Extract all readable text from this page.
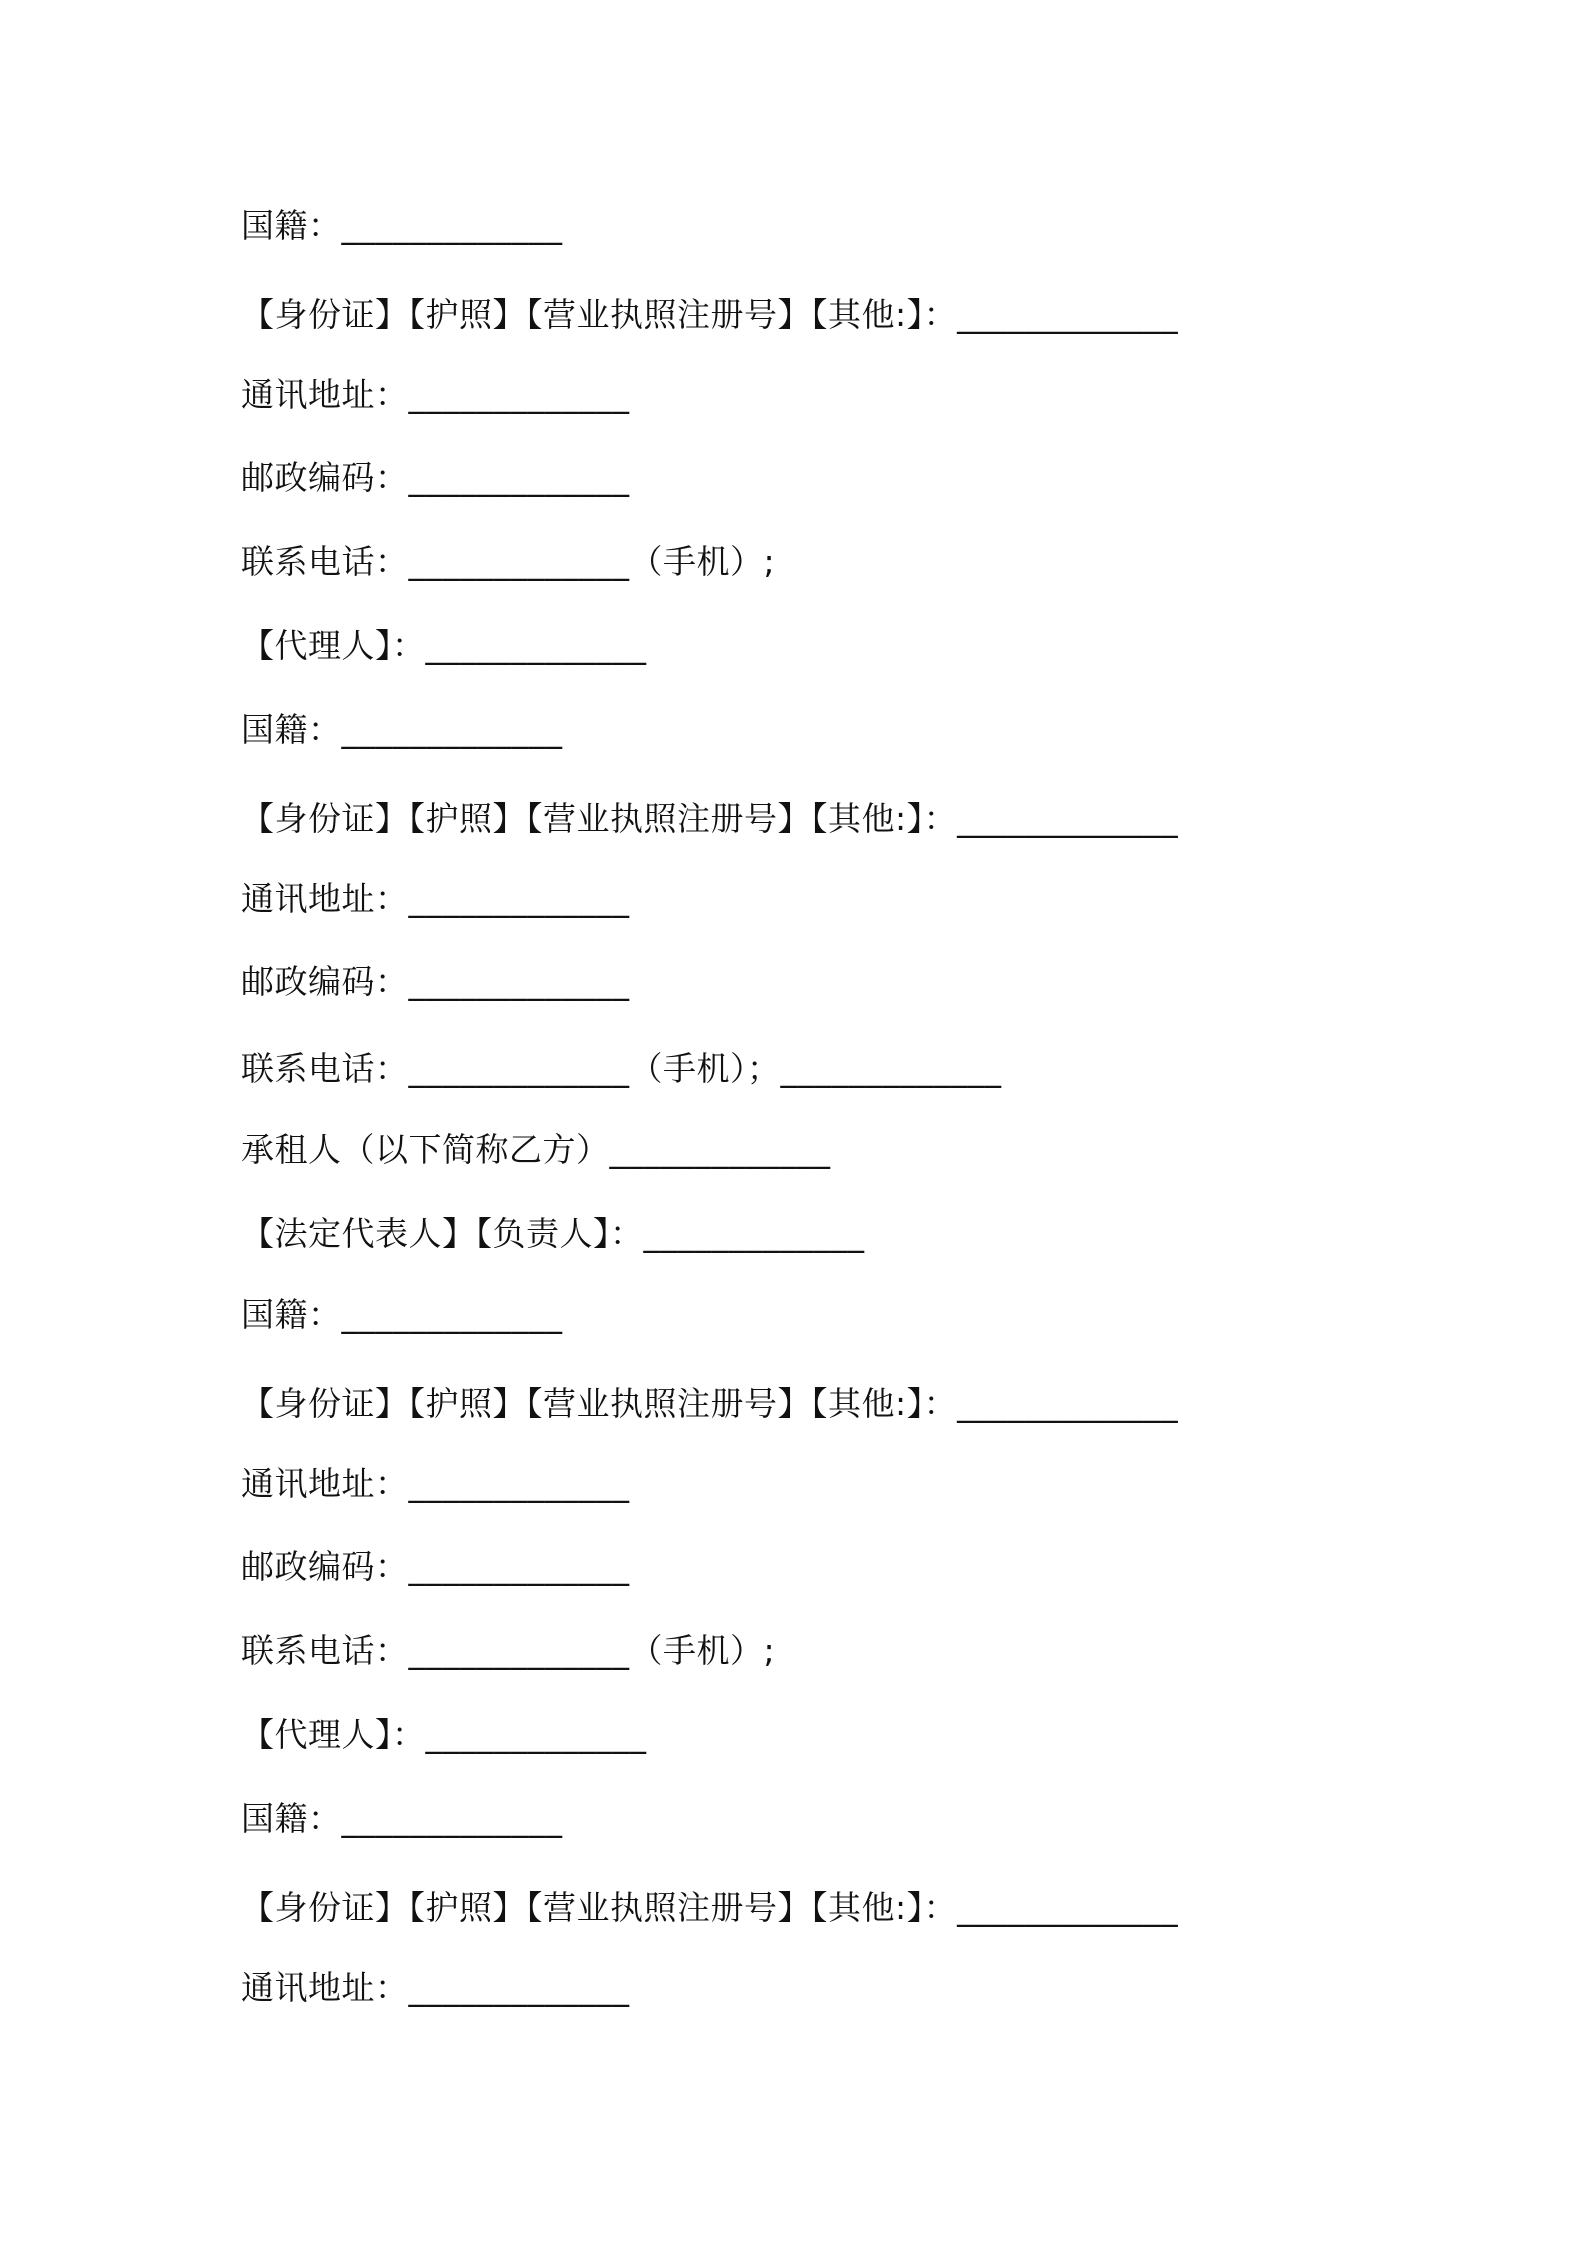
国籍：_____________
【身份证】【护照】【营业执照注册号】【其他:】：_____________
通讯地址：_____________
邮政编码：_____________
联系电话：_____________（手机）;
【代理人】：_____________
国籍：_____________
【身份证】【护照】【营业执照注册号】【其他:】：_____________
通讯地址：_____________
邮政编码：_____________
联系电话：_____________（手机）；_____________
承租人（以下简称乙方）_____________
【法定代表人】【负责人】：_____________
国籍：_____________
【身份证】【护照】【营业执照注册号】【其他:】：_____________
通讯地址：_____________
邮政编码：_____________
联系电话：_____________（手机）;
【代理人】：_____________
国籍：_____________
【身份证】【护照】【营业执照注册号】【其他:】：_____________
通讯地址：_____________
